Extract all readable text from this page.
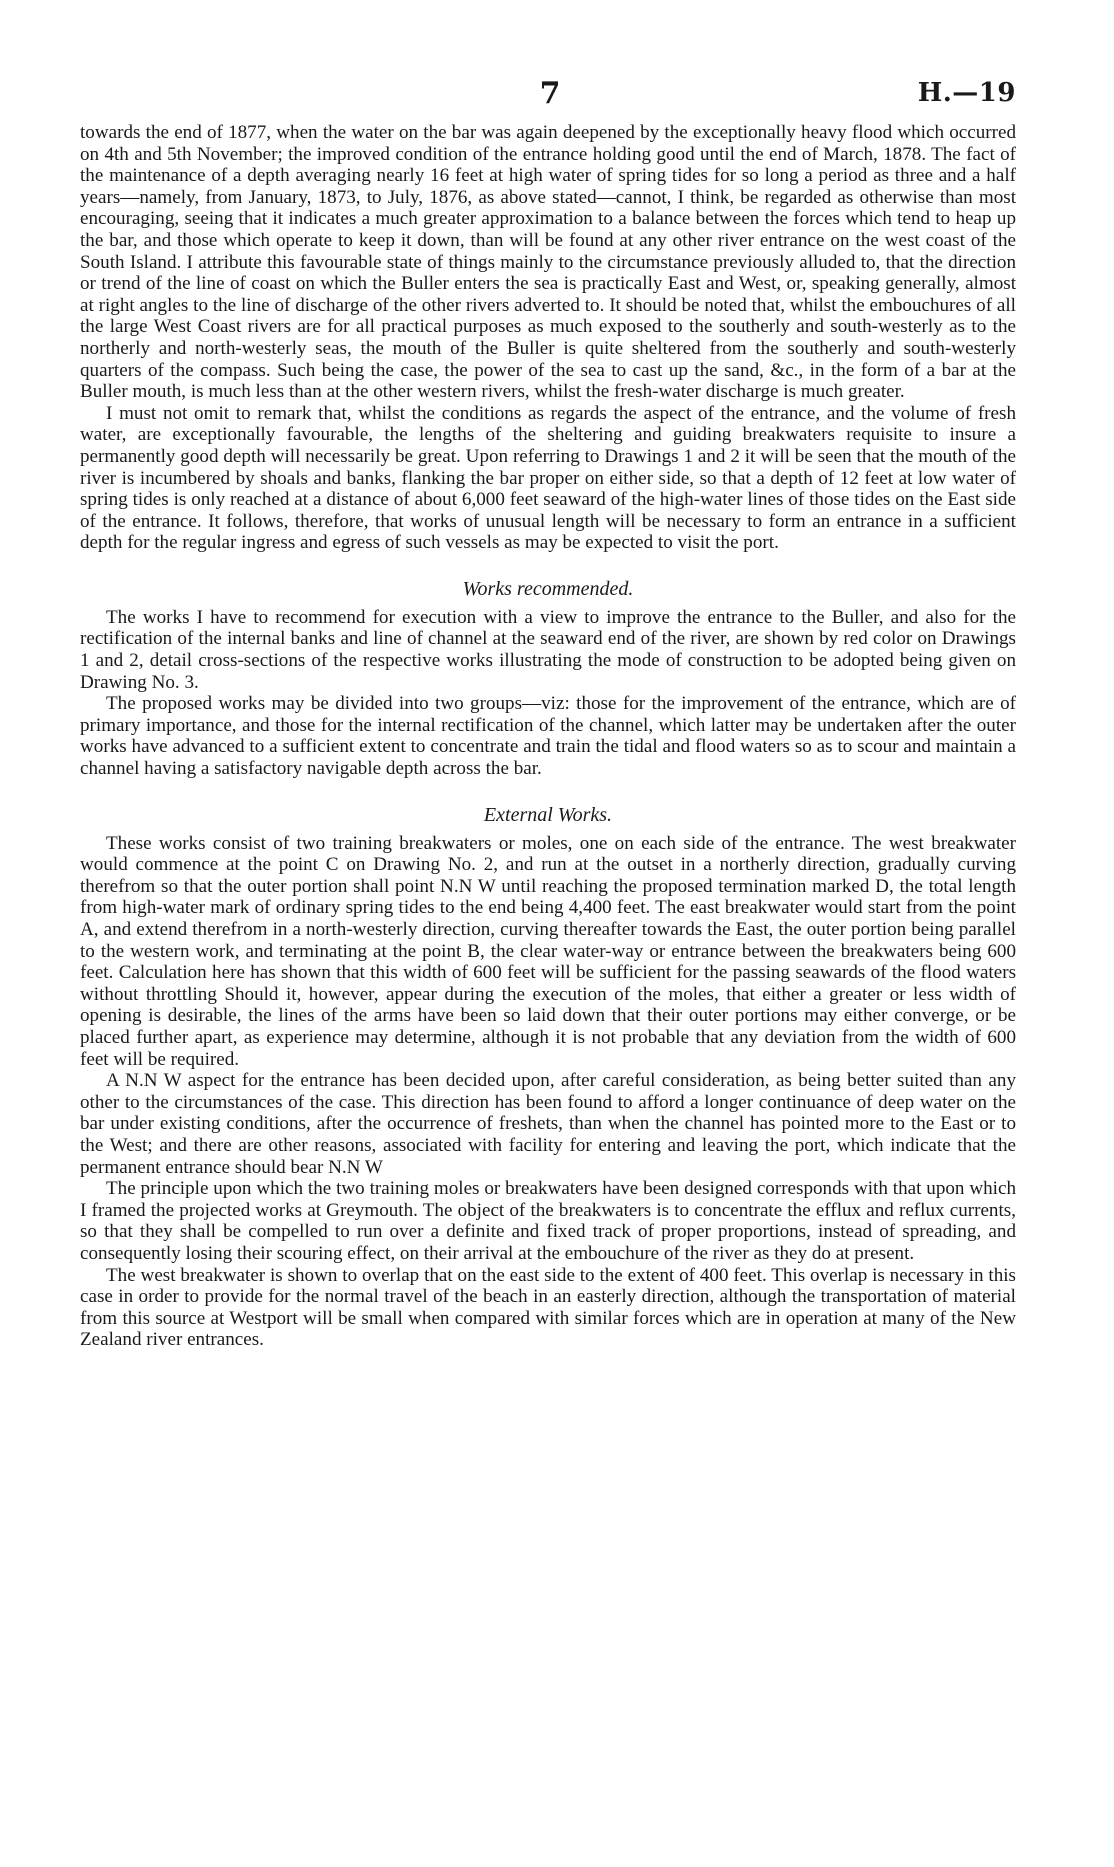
7	H.—19

towards the end of 1877, when the water on the bar was again deepened by the exceptionally heavy flood which occurred on 4th and 5th November; the improved condition of the entrance holding good until the end of March, 1878. The fact of the maintenance of a depth averaging nearly 16 feet at high water of spring tides for so long a period as three and a half years—namely, from January, 1873, to July, 1876, as above stated—cannot, I think, be regarded as otherwise than most encouraging, seeing that it indicates a much greater approximation to a balance between the forces which tend to heap up the bar, and those which operate to keep it down, than will be found at any other river entrance on the west coast of the South Island. I attribute this favourable state of things mainly to the circumstance previously alluded to, that the direction or trend of the line of coast on which the Buller enters the sea is practically East and West, or, speaking generally, almost at right angles to the line of discharge of the other rivers adverted to. It should be noted that, whilst the embouchures of all the large West Coast rivers are for all practical purposes as much exposed to the southerly and south-westerly as to the northerly and north-westerly seas, the mouth of the Buller is quite sheltered from the southerly and south-westerly quarters of the compass. Such being the case, the power of the sea to cast up the sand, &c., in the form of a bar at the Buller mouth, is much less than at the other western rivers, whilst the fresh-water discharge is much greater.

I must not omit to remark that, whilst the conditions as regards the aspect of the entrance, and the volume of fresh water, are exceptionally favourable, the lengths of the sheltering and guiding breakwaters requisite to insure a permanently good depth will necessarily be great. Upon referring to Drawings 1 and 2 it will be seen that the mouth of the river is incumbered by shoals and banks, flanking the bar proper on either side, so that a depth of 12 feet at low water of spring tides is only reached at a distance of about 6,000 feet seaward of the high-water lines of those tides on the East side of the entrance. It follows, therefore, that works of unusual length will be necessary to form an entrance in a sufficient depth for the regular ingress and egress of such vessels as may be expected to visit the port.

Works recommended.

The works I have to recommend for execution with a view to improve the entrance to the Buller, and also for the rectification of the internal banks and line of channel at the seaward end of the river, are shown by red color on Drawings 1 and 2, detail cross-sections of the respective works illustrating the mode of construction to be adopted being given on Drawing No. 3.

The proposed works may be divided into two groups—viz: those for the improvement of the entrance, which are of primary importance, and those for the internal rectification of the channel, which latter may be undertaken after the outer works have advanced to a sufficient extent to concentrate and train the tidal and flood waters so as to scour and maintain a channel having a satisfactory navigable depth across the bar.

External Works.

These works consist of two training breakwaters or moles, one on each side of the entrance. The west breakwater would commence at the point C on Drawing No. 2, and run at the outset in a northerly direction, gradually curving therefrom so that the outer portion shall point N.N W until reaching the proposed termination marked D, the total length from high-water mark of ordinary spring tides to the end being 4,400 feet. The east breakwater would start from the point A, and extend therefrom in a north-westerly direction, curving thereafter towards the East, the outer portion being parallel to the western work, and terminating at the point B, the clear water-way or entrance between the breakwaters being 600 feet. Calculation here has shown that this width of 600 feet will be sufficient for the passing seawards of the flood waters without throttling Should it, however, appear during the execution of the moles, that either a greater or less width of opening is desirable, the lines of the arms have been so laid down that their outer portions may either converge, or be placed further apart, as experience may determine, although it is not probable that any deviation from the width of 600 feet will be required.

A N.N W aspect for the entrance has been decided upon, after careful consideration, as being better suited than any other to the circumstances of the case. This direction has been found to afford a longer continuance of deep water on the bar under existing conditions, after the occurrence of freshets, than when the channel has pointed more to the East or to the West; and there are other reasons, associated with facility for entering and leaving the port, which indicate that the permanent entrance should bear N.N W

The principle upon which the two training moles or breakwaters have been designed corresponds with that upon which I framed the projected works at Greymouth. The object of the breakwaters is to concentrate the efflux and reflux currents, so that they shall be compelled to run over a definite and fixed track of proper proportions, instead of spreading, and consequently losing their scouring effect, on their arrival at the embouchure of the river as they do at present.

The west breakwater is shown to overlap that on the east side to the extent of 400 feet. This overlap is necessary in this case in order to provide for the normal travel of the beach in an easterly direction, although the transportation of material from this source at Westport will be small when compared with similar forces which are in operation at many of the New Zealand river entrances.
